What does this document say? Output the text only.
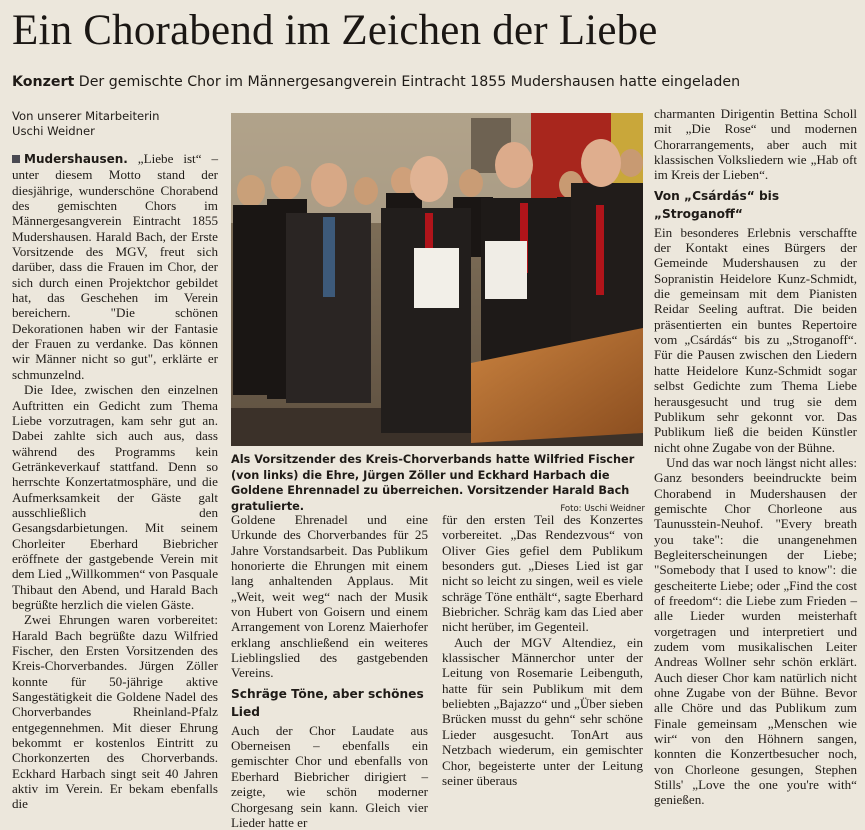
Ein Chorabend im Zeichen der Liebe
Konzert Der gemischte Chor im Männergesangverein Eintracht 1855 Mudershausen hatte eingeladen
Von unserer Mitarbeiterin
Uschi Weidner

Mudershausen. „Liebe ist“ – unter diesem Motto stand der diesjährige, wunderschöne Chorabend des gemischten Chors im Männergesangverein Eintracht 1855 Mudershausen. Harald Bach, der Erste Vorsitzende des MGV, freut sich darüber, dass die Frauen im Chor, der sich durch einen Projektchor gebildet hat, das Geschehen im Verein bereichern. "Die schönen Dekorationen haben wir der Fantasie der Frauen zu verdanke. Das können wir Männer nicht so gut", erklärte er schmunzelnd.

Die Idee, zwischen den einzelnen Auftritten ein Gedicht zum Thema Liebe vorzutragen, kam sehr gut an. Dabei zahlte sich auch aus, dass während des Programms kein Getränkeverkauf stattfand. Denn so herrschte Konzertatmosphäre, und die Aufmerksamkeit der Gäste galt ausschließlich den Gesangsdarbietungen. Mit seinem Chorleiter Eberhard Biebricher eröffnete der gastgebende Verein mit dem Lied „Willkommen“ von Pasquale Thibaut den Abend, und Harald Bach begrüßte herzlich die vielen Gäste.

Zwei Ehrungen waren vorbereitet: Harald Bach begrüßte dazu Wilfried Fischer, den Ersten Vorsitzenden des Kreis-Chorverbandes. Jürgen Zöller konnte für 50-jährige aktive Sangestätigkeit die Goldene Nadel des Chorverbandes Rheinland-Pfalz entgegennehmen. Mit dieser Ehrung bekommt er kostenlos Eintritt zu Chorkonzerten des Chorverbands. Eckhard Harbach singt seit 40 Jahren aktiv im Verein. Er bekam ebenfalls die

Als Vorsitzender des Kreis-Chorverbands hatte Wilfried Fischer (von links) die Ehre, Jürgen Zöller und Eckhard Harbach die Goldene Ehrennadel zu überreichen. Vorsitzender Harald Bach gratulierte.	Foto: Uschi Weidner

Goldene Ehrenadel und eine Urkunde des Chorverbandes für 25 Jahre Vorstandsarbeit. Das Publikum honorierte die Ehrungen mit einem lang anhaltenden Applaus. Mit „Weit, weit weg“ nach der Musik von Hubert von Goisern und einem Arrangement von Lorenz Maierhofer erklang anschließend ein weiteres Lieblingslied des gastgebenden Vereins.

Schräge Töne, aber schönes Lied

Auch der Chor Laudate aus Oberneisen – ebenfalls ein gemischter Chor und ebenfalls von Eberhard Biebricher dirigiert – zeigte, wie schön moderner Chorgesang sein kann. Gleich vier Lieder hatte er

für den ersten Teil des Konzertes vorbereitet. „Das Rendezvous“ von Oliver Gies gefiel dem Publikum besonders gut. „Dieses Lied ist gar nicht so leicht zu singen, weil es viele schräge Töne enthält“, sagte Eberhard Biebricher. Schräg kam das Lied aber nicht herüber, im Gegenteil.

Auch der MGV Altendiez, ein klassischer Männerchor unter der Leitung von Rosemarie Leibenguth, hatte für sein Publikum mit dem beliebten „Bajazzo“ und „Über sieben Brücken musst du gehn“ sehr schöne Lieder ausgesucht. TonArt aus Netzbach wiederum, ein gemischter Chor, begeisterte unter der Leitung seiner überaus

charmanten Dirigentin Bettina Scholl mit „Die Rose“ und modernen Chorarrangements, aber auch mit klassischen Volksliedern wie „Hab oft im Kreis der Lieben“.

Von „Csárdás“ bis „Stroganoff“

Ein besonderes Erlebnis verschaffte der Kontakt eines Bürgers der Gemeinde Mudershausen zu der Sopranistin Heidelore Kunz-Schmidt, die gemeinsam mit dem Pianisten Reidar Seeling auftrat. Die beiden präsentierten ein buntes Repertoire vom „Csárdás“ bis zu „Stroganoff“. Für die Pausen zwischen den Liedern hatte Heidelore Kunz-Schmidt sogar selbst Gedichte zum Thema Liebe herausgesucht und trug sie dem Publikum sehr gekonnt vor. Das Publikum ließ die beiden Künstler nicht ohne Zugabe von der Bühne.

Und das war noch längst nicht alles: Ganz besonders beeindruckte beim Chorabend in Mudershausen der gemischte Chor Chorleone aus Taunusstein-Neuhof. "Every breath you take": die unangenehmen Begleiterscheinungen der Liebe; "Somebody that I used to know": die gescheiterte Liebe; oder „Find the cost of freedom“: die Liebe zum Frieden – alle Lieder wurden meisterhaft vorgetragen und interpretiert und zudem vom musikalischen Leiter Andreas Wollner sehr schön erklärt. Auch dieser Chor kam natürlich nicht ohne Zugabe von der Bühne. Bevor alle Chöre und das Publikum zum Finale gemeinsam „Menschen wie wir“ von den Höhnern sangen, konnten die Konzertbesucher noch, von Chorleone gesungen, Stephen Stills' „Love the one you're with“ genießen.
